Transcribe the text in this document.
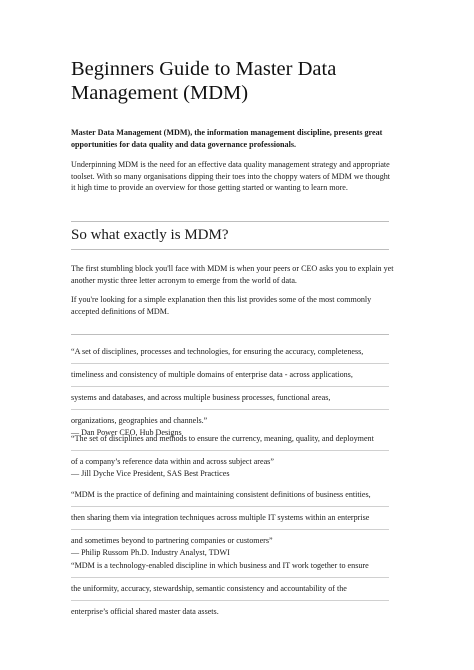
Beginners Guide to Master Data Management (MDM)

Master Data Management (MDM), the information management discipline, presents great opportunities for data quality and data governance professionals.

Underpinning MDM is the need for an effective data quality management strategy and appropriate toolset. With so many organisations dipping their toes into the choppy waters of MDM we thought it high time to provide an overview for those getting started or wanting to learn more.

So what exactly is MDM?

The first stumbling block you'll face with MDM is when your peers or CEO asks you to explain yet another mystic three letter acronym to emerge from the world of data.

If you're looking for a simple explanation then this list provides some of the most commonly accepted definitions of MDM.

“A set of disciplines, processes and technologies, for ensuring the accuracy, completeness,
timeliness and consistency of multiple domains of enterprise data - across applications,
systems and databases, and across multiple business processes, functional areas,
organizations, geographies and channels.”
— Dan Power CEO, Hub Designs
“The set of disciplines and methods to ensure the currency, meaning, quality, and deployment
of a company’s reference data within and across subject areas”
— Jill Dyche Vice President, SAS Best Practices
“MDM is the practice of defining and maintaining consistent definitions of business entities,
then sharing them via integration techniques across multiple IT systems within an enterprise
and sometimes beyond to partnering companies or customers”
— Philip Russom Ph.D. Industry Analyst, TDWI
“MDM is a technology-enabled discipline in which business and IT work together to ensure
the uniformity, accuracy, stewardship, semantic consistency and accountability of the
enterprise’s official shared master data assets.
